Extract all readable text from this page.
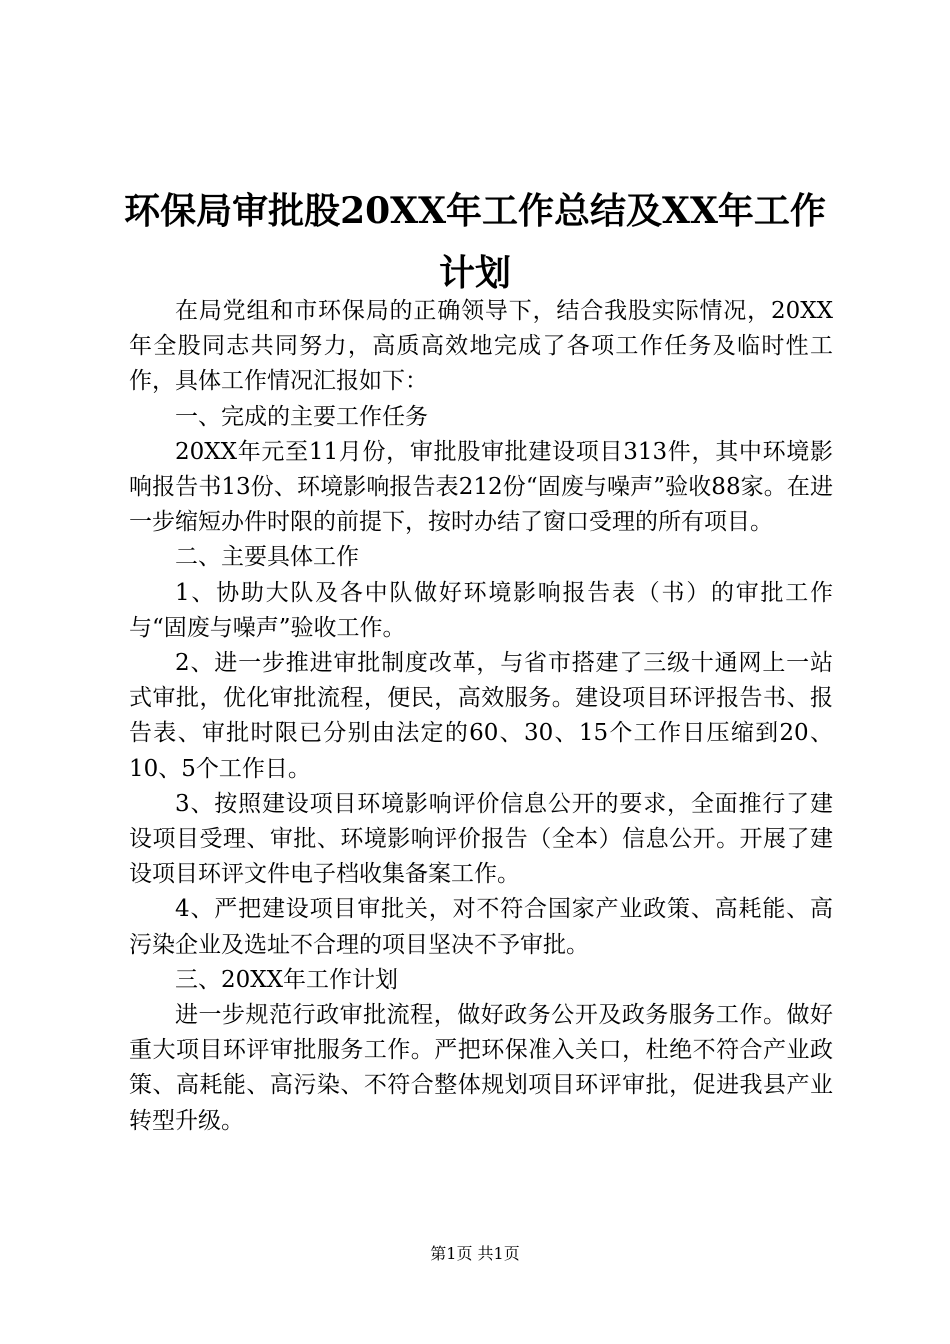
环保局审批股20XX年工作总结及XX年工作计划

在局党组和市环保局的正确领导下，结合我股实际情况，20XX年全股同志共同努力，高质高效地完成了各项工作任务及临时性工作，具体工作情况汇报如下：

一、完成的主要工作任务

20XX年元至11月份，审批股审批建设项目313件，其中环境影响报告书13份、环境影响报告表212份“固废与噪声”验收88家。在进一步缩短办件时限的前提下，按时办结了窗口受理的所有项目。

二、主要具体工作

1、协助大队及各中队做好环境影响报告表（书）的审批工作与“固废与噪声”验收工作。

2、进一步推进审批制度改革，与省市搭建了三级十通网上一站式审批，优化审批流程，便民，高效服务。建设项目环评报告书、报告表、审批时限已分别由法定的60、30、15个工作日压缩到20、10、5个工作日。

3、按照建设项目环境影响评价信息公开的要求，全面推行了建设项目受理、审批、环境影响评价报告（全本）信息公开。开展了建设项目环评文件电子档收集备案工作。

4、严把建设项目审批关，对不符合国家产业政策、高耗能、高污染企业及选址不合理的项目坚决不予审批。

三、20XX年工作计划

进一步规范行政审批流程，做好政务公开及政务服务工作。做好重大项目环评审批服务工作。严把环保准入关口，杜绝不符合产业政策、高耗能、高污染、不符合整体规划项目环评审批，促进我县产业转型升级。

第1页 共1页
